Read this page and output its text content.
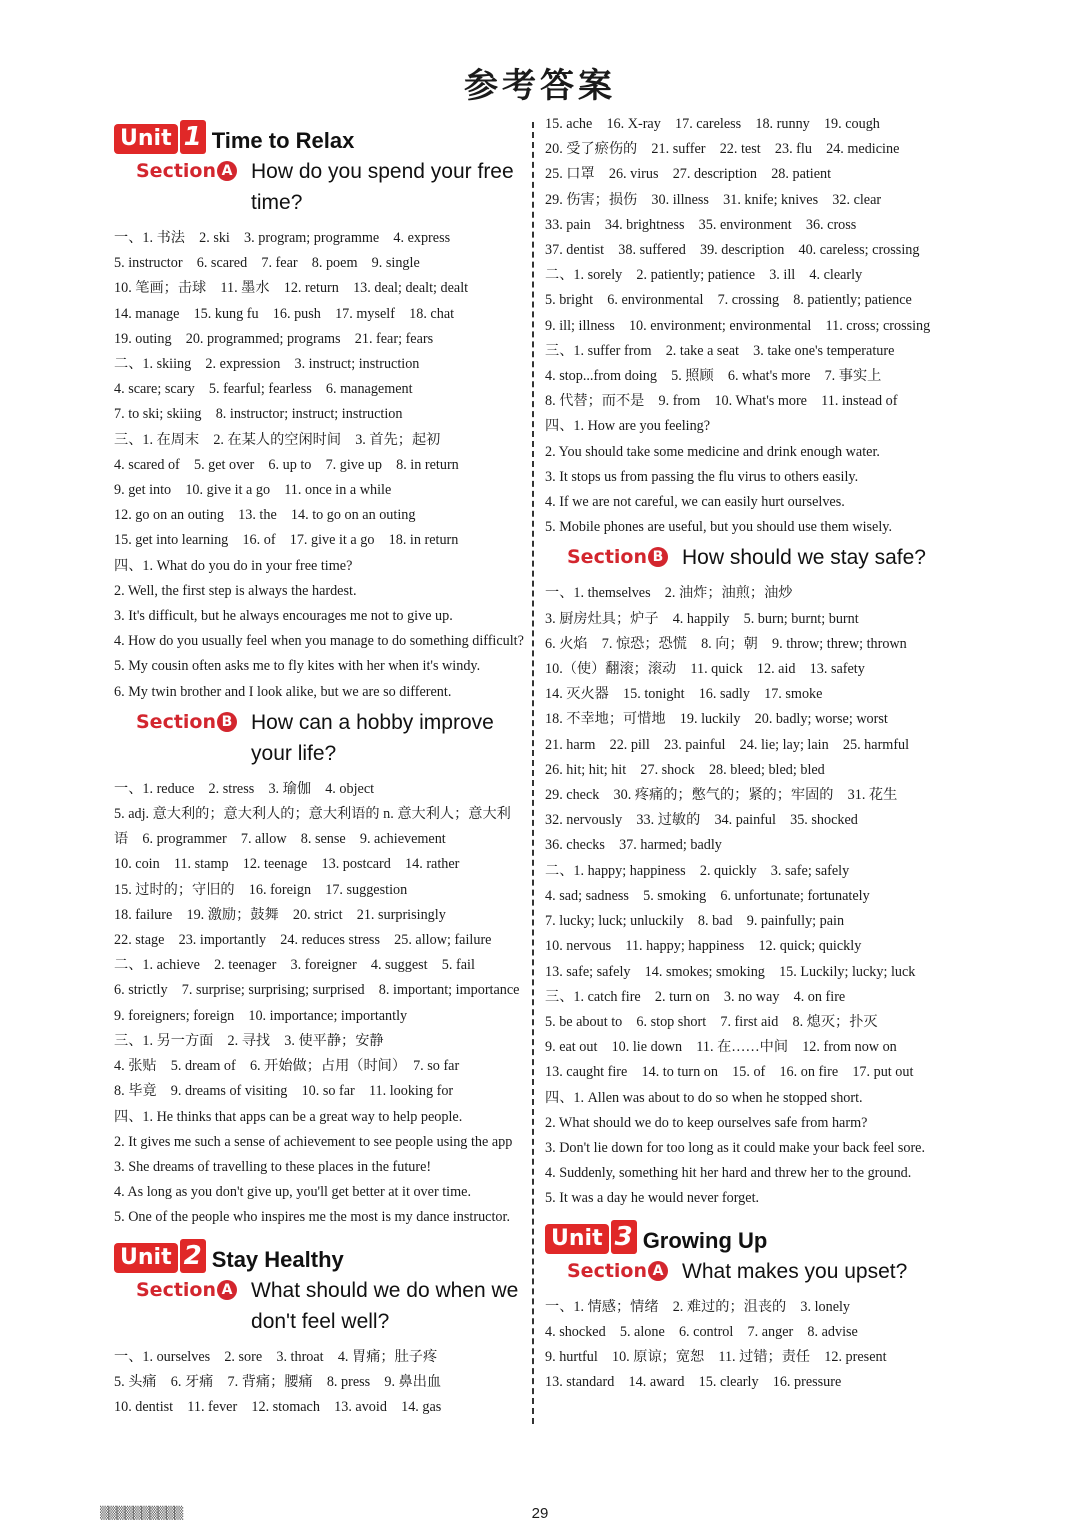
参考答案
Unit 1 Time to Relax
Section A How do you spend your free time?
一、1. 书法　2. ski　3. program; programme　4. express
5. instructor　6. scared　7. fear　8. poem　9. single
10. 笔画；击球　11. 墨水　12. return　13. deal; dealt; dealt
14. manage　15. kung fu　16. push　17. myself　18. chat
19. outing　20. programmed; programs　21. fear; fears
二、1. skiing　2. expression　3. instruct; instruction
4. scare; scary　5. fearful; fearless　6. management
7. to ski; skiing　8. instructor; instruct; instruction
三、1. 在周末　2. 在某人的空闲时间　3. 首先；起初
4. scared of　5. get over　6. up to　7. give up　8. in return
9. get into　10. give it a go　11. once in a while
12. go on an outing　13. the　14. to go on an outing
15. get into learning　16. of　17. give it a go　18. in return
四、1. What do you do in your free time?
2. Well, the first step is always the hardest.
3. It's difficult, but he always encourages me not to give up.
4. How do you usually feel when you manage to do something difficult?
5. My cousin often asks me to fly kites with her when it's windy.
6. My twin brother and I look alike, but we are so different.
Section B How can a hobby improve your life?
一、1. reduce　2. stress　3. 瑜伽　4. object
5. adj. 意大利的；意大利人的；意大利语的 n. 意大利人；意大利语　6. programmer　7. allow　8. sense　9. achievement
10. coin　11. stamp　12. teenage　13. postcard　14. rather
15. 过时的；守旧的　16. foreign　17. suggestion
18. failure　19. 激励；鼓舞　20. strict　21. surprisingly
22. stage　23. importantly　24. reduces stress　25. allow; failure
二、1. achieve　2. teenager　3. foreigner　4. suggest　5. fail
6. strictly　7. surprise; surprising; surprised　8. important; importance
9. foreigners; foreign　10. importance; importantly
三、1. 另一方面　2. 寻找　3. 使平静；安静
4. 张贴　5. dream of　6. 开始做；占用（时间）　7. so far
8. 毕竟　9. dreams of visiting　10. so far　11. looking for
四、1. He thinks that apps can be a great way to help people.
2. It gives me such a sense of achievement to see people using the app
3. She dreams of travelling to these places in the future!
4. As long as you don't give up, you'll get better at it over time.
5. One of the people who inspires me the most is my dance instructor.
Unit 2 Stay Healthy
Section A What should we do when we don't feel well?
一、1. ourselves　2. sore　3. throat　4. 胃痛；肚子疼
5. 头痛　6. 牙痛　7. 背痛；腰痛　8. press　9. 鼻出血
10. dentist　11. fever　12. stomach　13. avoid　14. gas
15. ache　16. X-ray　17. careless　18. runny　19. cough
20. 受了瘀伤的　21. suffer　22. test　23. flu　24. medicine
25. 口罩　26. virus　27. description　28. patient
29. 伤害；损伤　30. illness　31. knife; knives　32. clear
33. pain　34. brightness　35. environment　36. cross
37. dentist　38. suffered　39. description　40. careless; crossing
二、1. sorely　2. patiently; patience　3. ill　4. clearly
5. bright　6. environmental　7. crossing　8. patiently; patience
9. ill; illness　10. environment; environmental　11. cross; crossing
三、1. suffer from　2. take a seat　3. take one's temperature
4. stop...from doing　5. 照顾　6. what's more　7. 事实上
8. 代替；而不是　9. from　10. What's more　11. instead of
四、1. How are you feeling?
2. You should take some medicine and drink enough water.
3. It stops us from passing the flu virus to others easily.
4. If we are not careful, we can easily hurt ourselves.
5. Mobile phones are useful, but you should use them wisely.
Section B How should we stay safe?
一、1. themselves　2. 油炸；油煎；油炒
3. 厨房灶具；炉子　4. happily　5. burn; burnt; burnt
6. 火焰　7. 惊恐；恐慌　8. 向；朝　9. throw; threw; thrown
10.（使）翻滚；滚动　11. quick　12. aid　13. safety
14. 灭火器　15. tonight　16. sadly　17. smoke
18. 不幸地；可惜地　19. luckily　20. badly; worse; worst
21. harm　22. pill　23. painful　24. lie; lay; lain　25. harmful
26. hit; hit; hit　27. shock　28. bleed; bled; bled
29. check　30. 疼痛的；憋气的；紧的；牢固的　31. 花生
32. nervously　33. 过敏的　34. painful　35. shocked
36. checks　37. harmed; badly
二、1. happy; happiness　2. quickly　3. safe; safely
4. sad; sadness　5. smoking　6. unfortunate; fortunately
7. lucky; luck; unluckily　8. bad　9. painfully; pain
10. nervous　11. happy; happiness　12. quick; quickly
13. safe; safely　14. smokes; smoking　15. Luckily; lucky; luck
三、1. catch fire　2. turn on　3. no way　4. on fire
5. be about to　6. stop short　7. first aid　8. 熄灭；扑灭
9. eat out　10. lie down　11. 在……中间　12. from now on
13. caught fire　14. to turn on　15. of　16. on fire　17. put out
四、1. Allen was about to do so when he stopped short.
2. What should we do to keep ourselves safe from harm?
3. Don't lie down for too long as it could make your back feel sore.
4. Suddenly, something hit her hard and threw her to the ground.
5. It was a day he would never forget.
Unit 3 Growing Up
Section A What makes you upset?
一、1. 情感；情绪　2. 难过的；沮丧的　3. lonely
4. shocked　5. alone　6. control　7. anger　8. advise
9. hurtful　10. 原谅；宽恕　11. 过错；责任　12. present
13. standard　14. award　15. clearly　16. pressure
▒▒▒▒▒▒▒▒▒▒	29
